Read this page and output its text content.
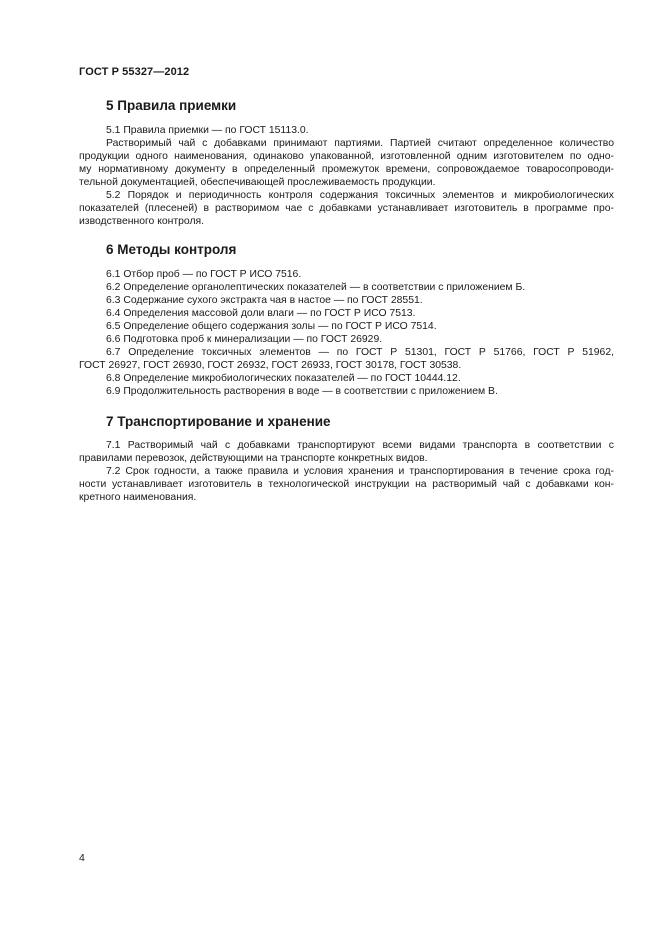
ГОСТ Р 55327—2012
5 Правила приемки
5.1 Правила приемки — по ГОСТ 15113.0.
Растворимый чай с добавками принимают партиями. Партией считают определенное количество
продукции одного наименования, одинаково упакованной, изготовленной одним изготовителем по одно-
му нормативному документу в определенный промежуток времени, сопровождаемое товаросопроводи-
тельной документацией, обеспечивающей прослеживаемость продукции.
5.2 Порядок и периодичность контроля содержания токсичных элементов и микробиологических
показателей (плесеней) в растворимом чае с добавками устанавливает изготовитель в программе про-
изводственного контроля.
6 Методы контроля
6.1 Отбор проб — по ГОСТ Р ИСО 7516.
6.2 Определение органолептических показателей — в соответствии с приложением Б.
6.3 Содержание сухого экстракта чая в настое — по ГОСТ 28551.
6.4 Определения массовой доли влаги — по ГОСТ Р ИСО 7513.
6.5 Определение общего содержания золы — по ГОСТ Р ИСО 7514.
6.6 Подготовка проб к минерализации — по ГОСТ 26929.
6.7 Определение токсичных элементов — по ГОСТ Р 51301, ГОСТ Р 51766, ГОСТ Р 51962,
ГОСТ 26927, ГОСТ 26930, ГОСТ 26932, ГОСТ 26933, ГОСТ 30178, ГОСТ 30538.
6.8 Определение микробиологических показателей — по ГОСТ 10444.12.
6.9 Продолжительность растворения в воде — в соответствии с приложением В.
7 Транспортирование и хранение
7.1 Растворимый чай с добавками транспортируют всеми видами транспорта в соответствии с
правилами перевозок, действующими на транспорте конкретных видов.
7.2 Срок годности, а также правила и условия хранения и транспортирования в течение срока год-
ности устанавливает изготовитель в технологической инструкции на растворимый чай с добавками кон-
кретного наименования.
4
